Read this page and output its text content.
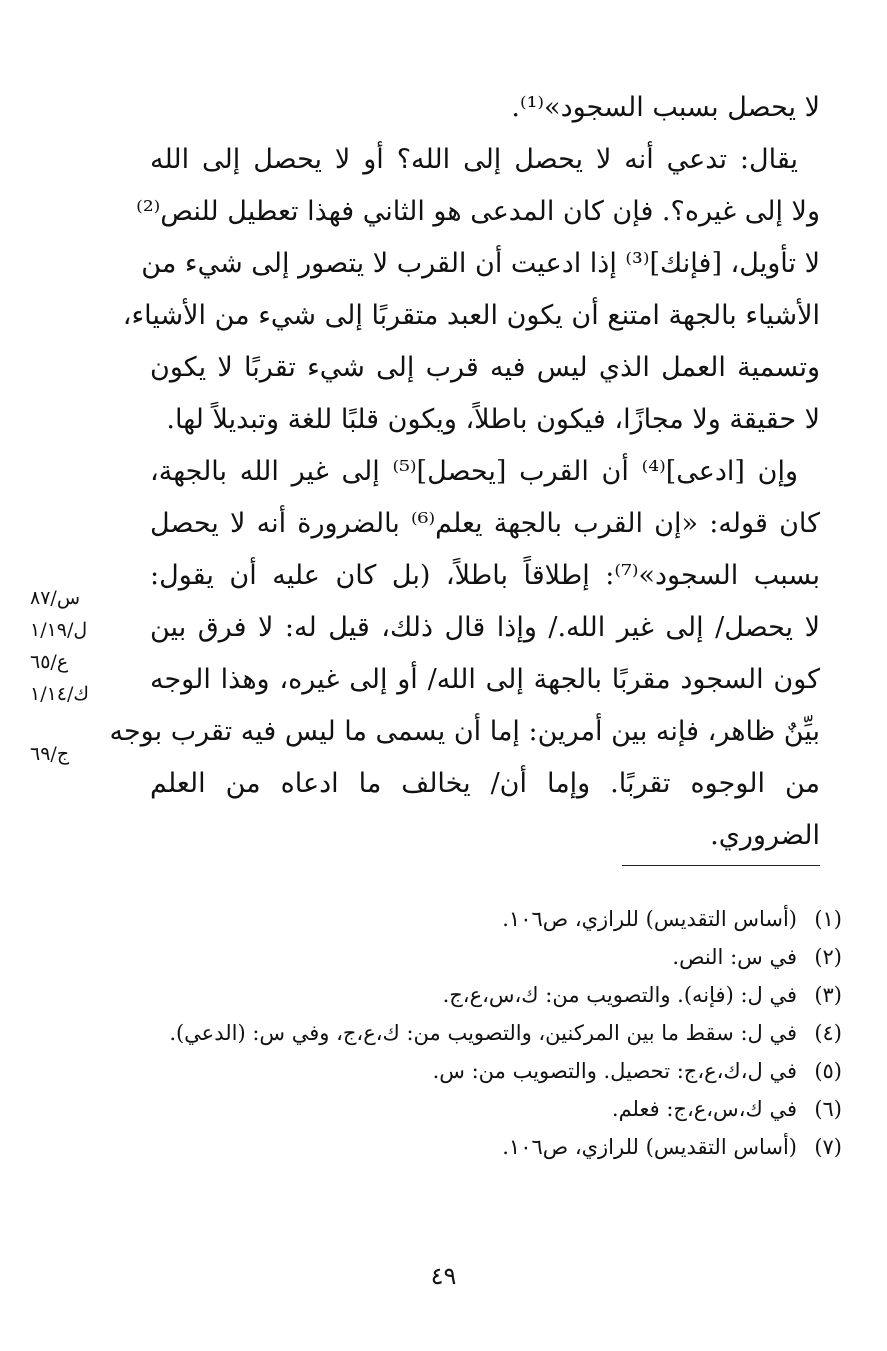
لا يحصل بسبب السجود»⁽¹⁾.
يقال: تدعي أنه لا يحصل إلى الله؟ أو لا يحصل إلى الله
ولا إلى غيره؟. فإن كان المدعى هو الثاني فهذا تعطيل للنص⁽²⁾
لا تأويل، [فإنك]⁽³⁾ إذا ادعيت أن القرب لا يتصور إلى شيء من
الأشياء بالجهة امتنع أن يكون العبد متقربًا إلى شيء من الأشياء،
وتسمية العمل الذي ليس فيه قرب إلى شيء تقربًا لا يكون
لا حقيقة ولا مجازًا، فيكون باطلاً، ويكون قلبًا للغة وتبديلاً لها.
وإن [ادعى]⁽⁴⁾ أن القرب [يحصل]⁽⁵⁾ إلى غير الله بالجهة،
كان قوله: «إن القرب بالجهة يعلم⁽⁶⁾ بالضرورة أنه لا يحصل
بسبب السجود»⁽⁷⁾: إطلاقاً باطلاً، (بل كان عليه أن يقول:
لا يحصل/ إلى غير الله./ وإذا قال ذلك، قيل له: لا فرق بين
كون السجود مقربًا بالجهة إلى الله/ أو إلى غيره، وهذا الوجه
بيِّنٌ ظاهر، فإنه بين أمرين: إما أن يسمى ما ليس فيه تقرب بوجه
من الوجوه تقربًا. وإما أن/ يخالف ما ادعاه من العلم
الضروري.
س/٨٧
ل/١/١٩
ع/٦٥
ك/١/١٤
ج/٦٩
(١)
(أساس التقديس) للرازي، ص١٠٦.
(٢)
في س: النص.
(٣)
في ل: (فإنه). والتصويب من: ك،س،ع،ج.
(٤)
في ل: سقط ما بين المركنين، والتصويب من: ك،ع،ج، وفي س: (الدعي).
(٥)
في ل،ك،ع،ج: تحصيل. والتصويب من: س.
(٦)
في ك،س،ع،ج: فعلم.
(٧)
(أساس التقديس) للرازي، ص١٠٦.
٤٩
